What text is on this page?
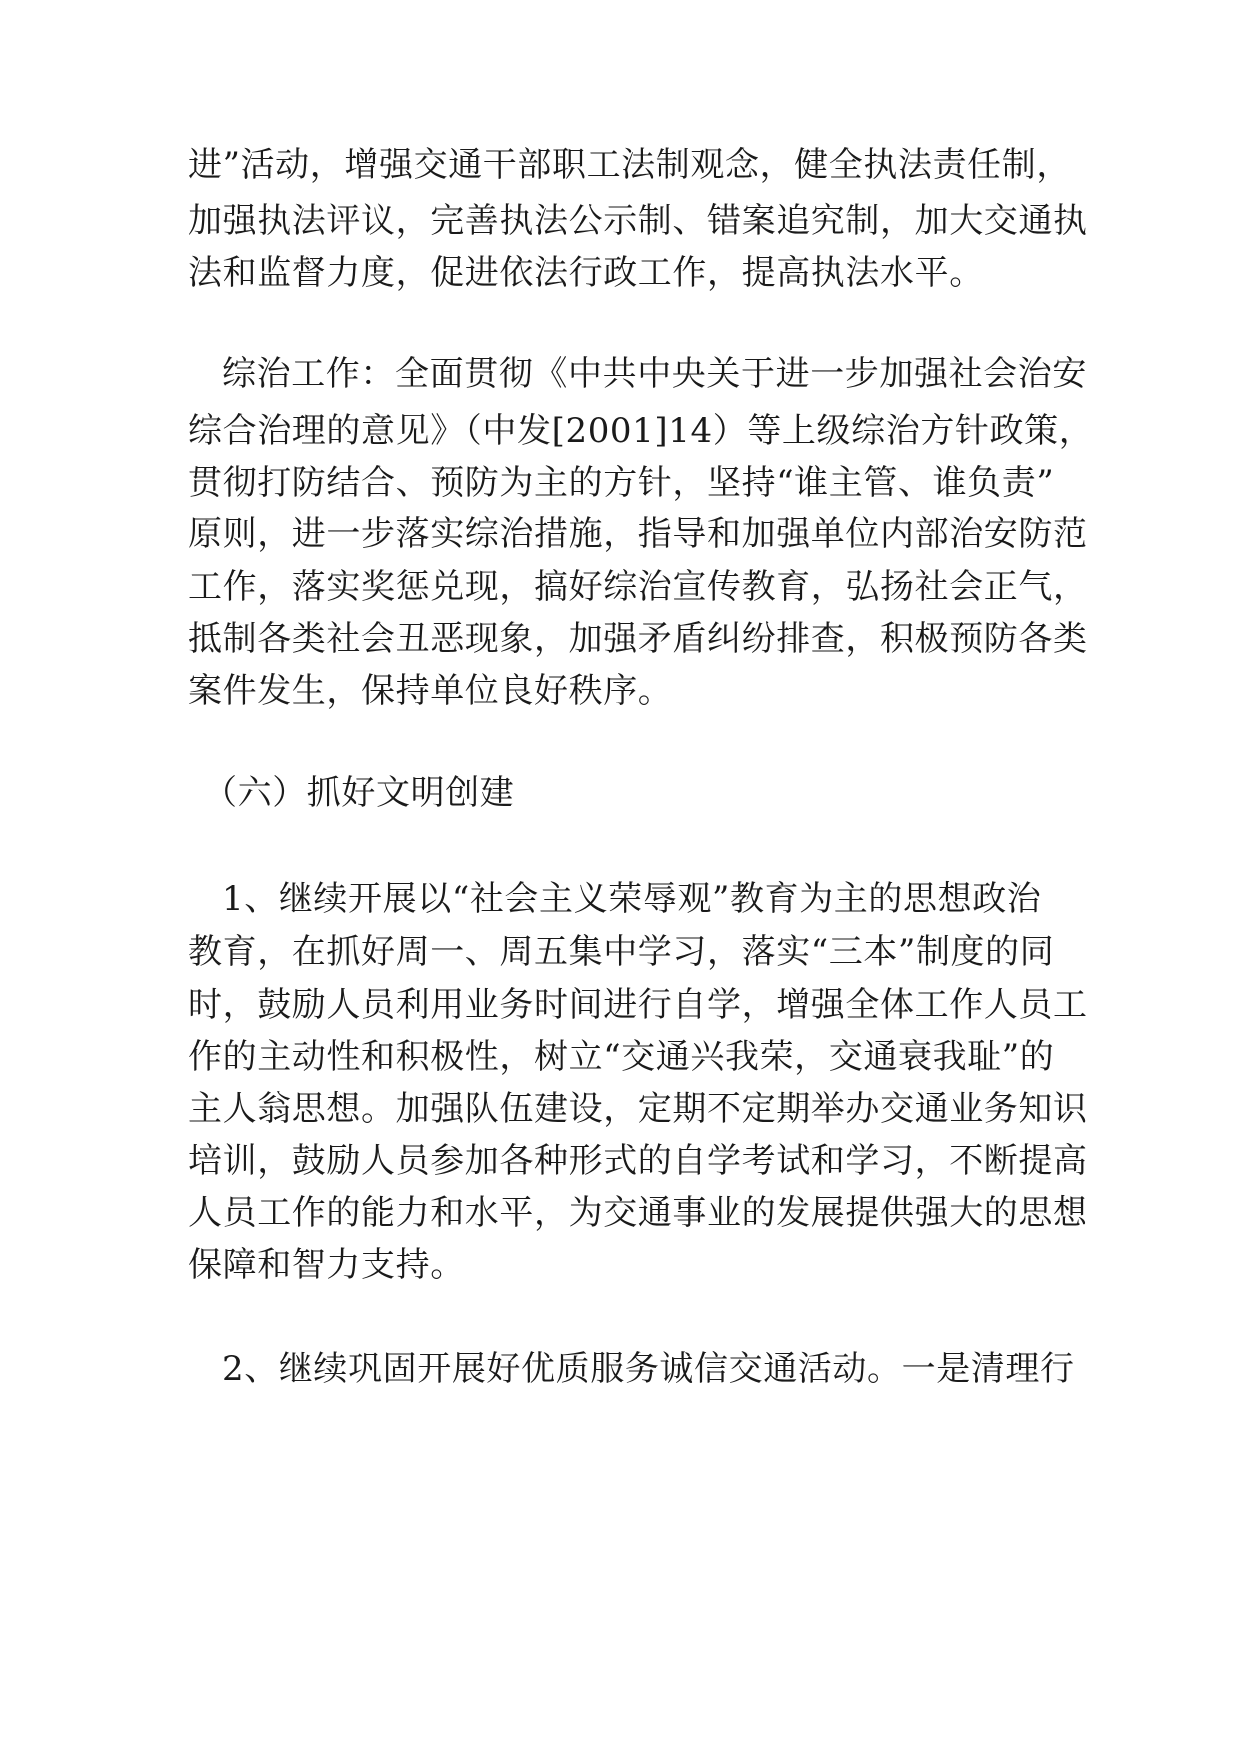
进”活动，增强交通干部职工法制观念，健全执法责任制，
加强执法评议，完善执法公示制、错案追究制，加大交通执
法和监督力度，促进依法行政工作，提高执法水平。
综治工作：全面贯彻《中共中央关于进一步加强社会治安
综合治理的意见》（中发[2001]14）等上级综治方针政策，
贯彻打防结合、预防为主的方针，坚持“谁主管、谁负责”
原则，进一步落实综治措施，指导和加强单位内部治安防范
工作，落实奖惩兑现，搞好综治宣传教育，弘扬社会正气，
抵制各类社会丑恶现象，加强矛盾纠纷排查，积极预防各类
案件发生，保持单位良好秩序。
（六）抓好文明创建
1、继续开展以“社会主义荣辱观”教育为主的思想政治
教育，在抓好周一、周五集中学习，落实“三本”制度的同
时，鼓励人员利用业务时间进行自学，增强全体工作人员工
作的主动性和积极性，树立“交通兴我荣，交通衰我耻”的
主人翁思想。加强队伍建设，定期不定期举办交通业务知识
培训，鼓励人员参加各种形式的自学考试和学习，不断提高
人员工作的能力和水平，为交通事业的发展提供强大的思想
保障和智力支持。
2、继续巩固开展好优质服务诚信交通活动。一是清理行
